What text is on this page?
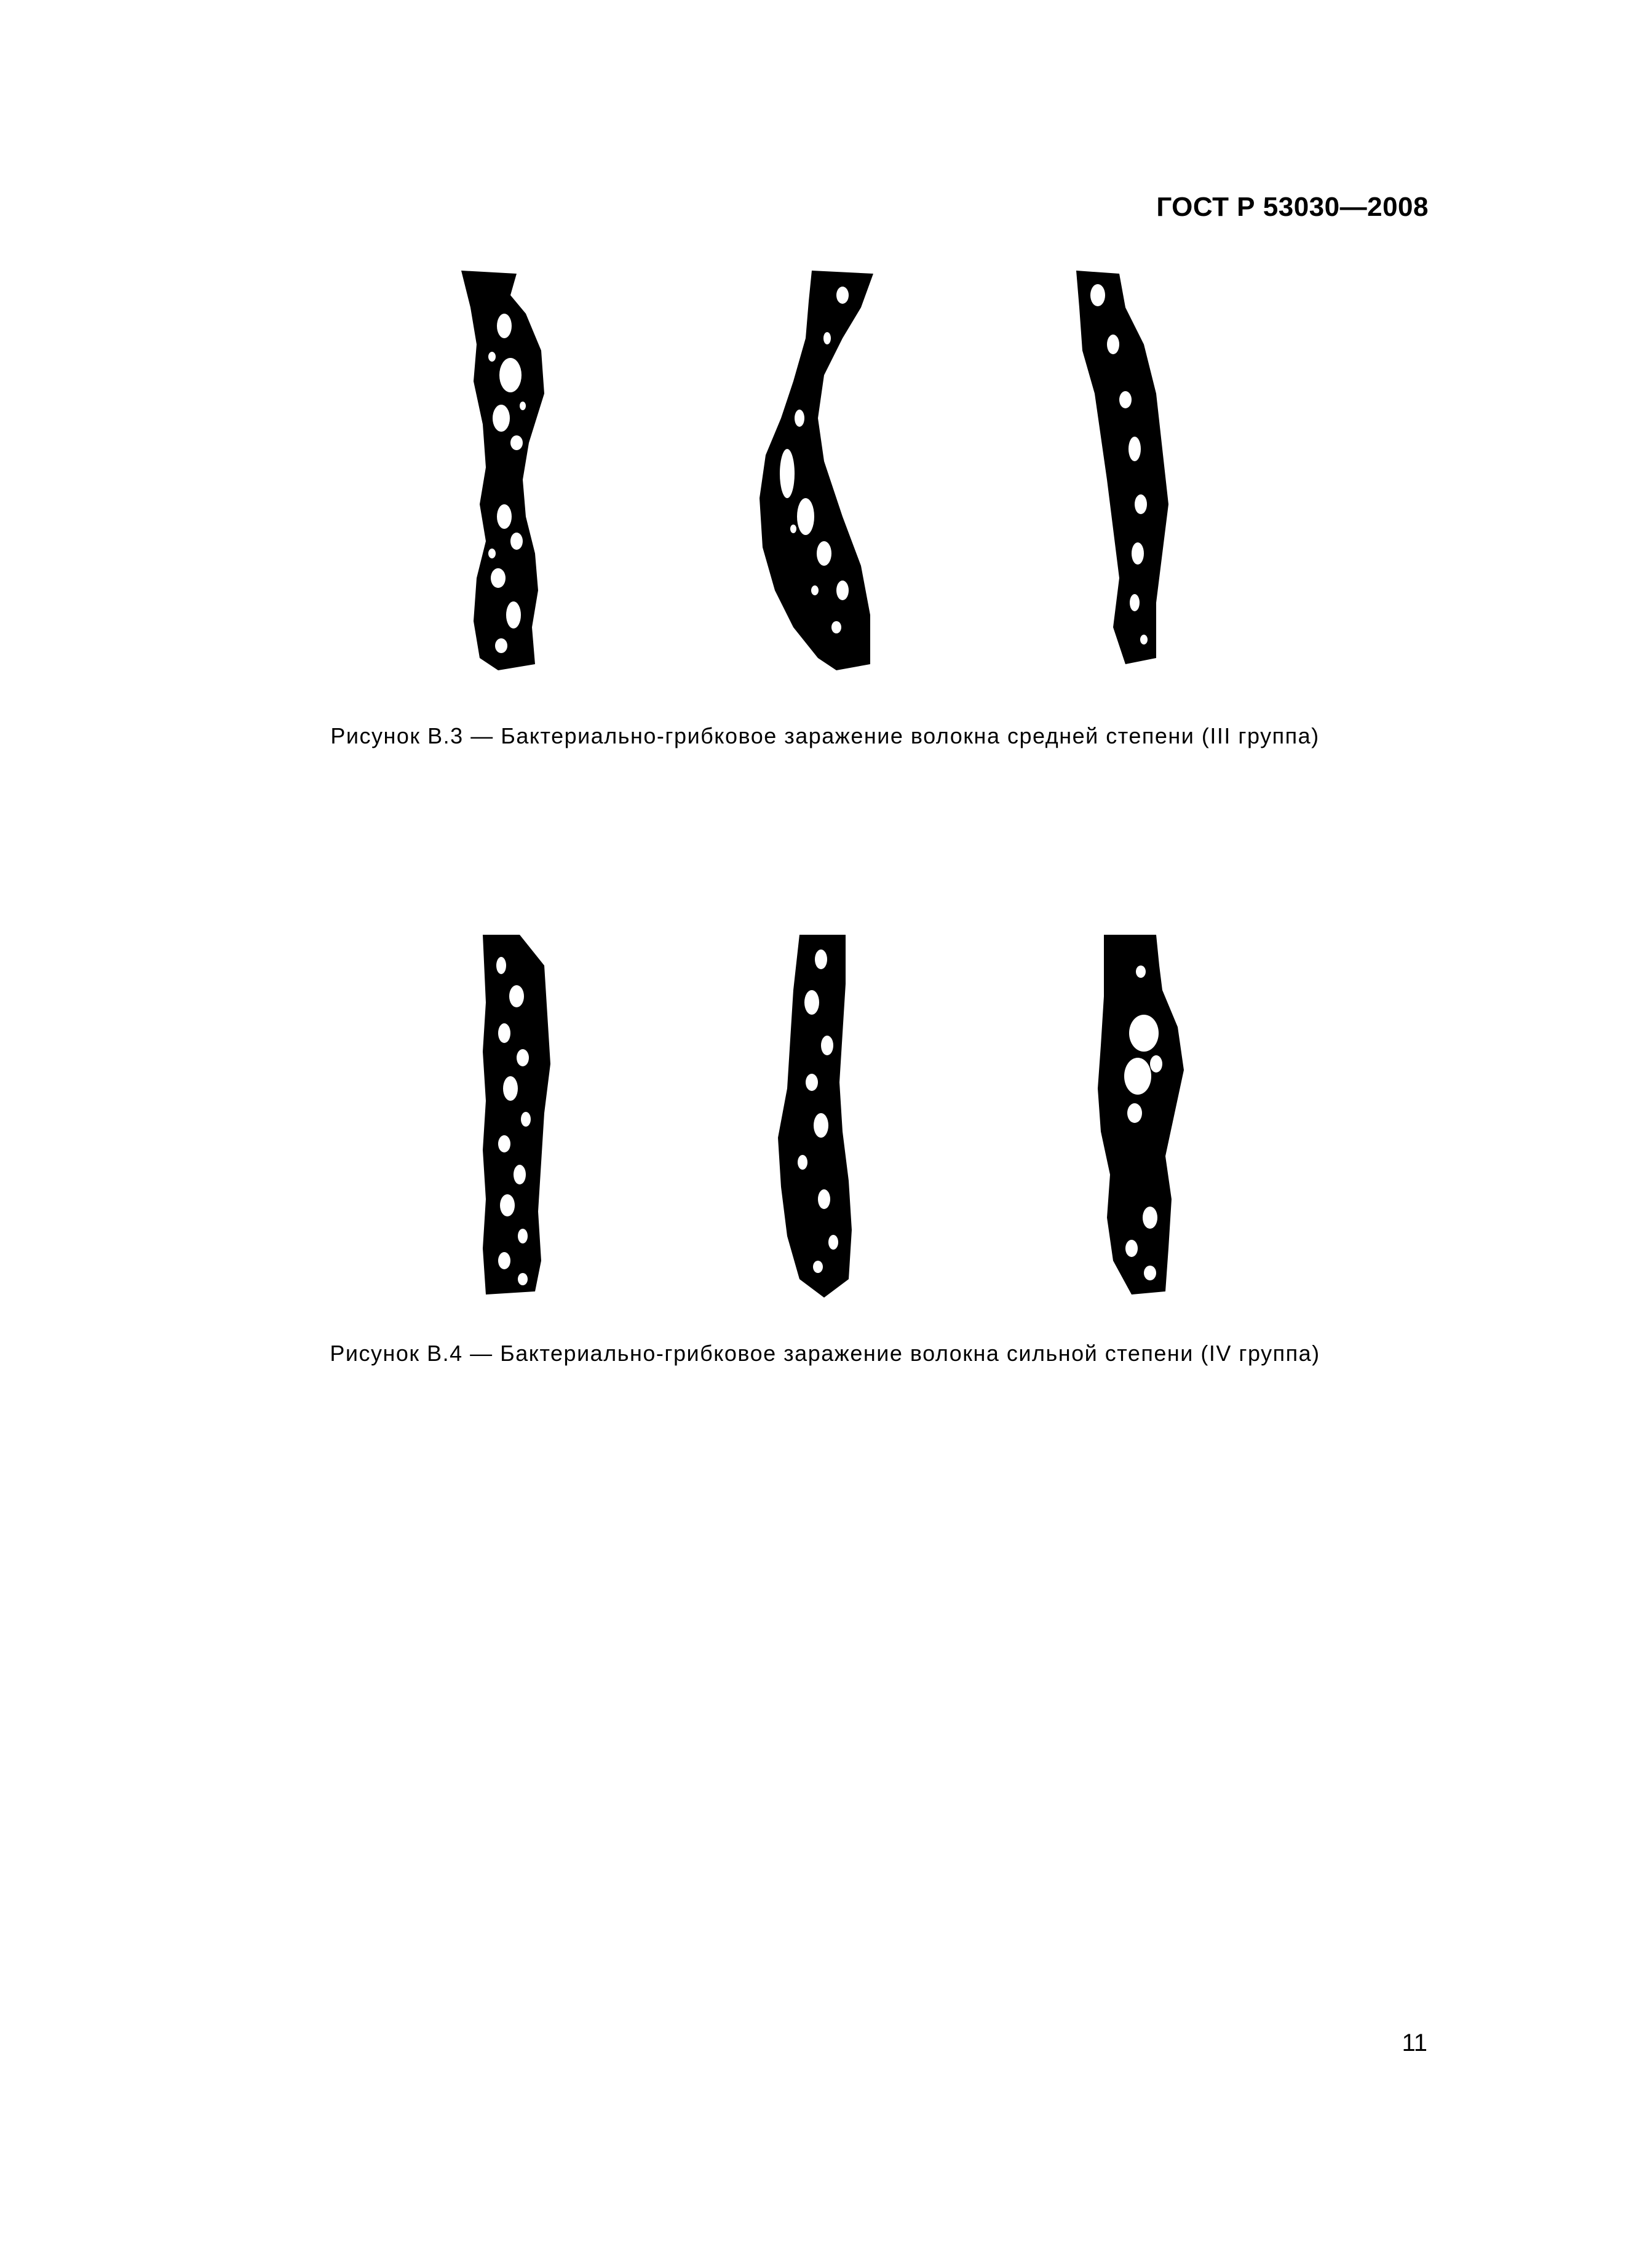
ГОСТ Р 53030—2008
Рисунок В.3 — Бактериально-грибковое заражение волокна средней степени (III группа)
Рисунок В.4 — Бактериально-грибковое заражение волокна сильной степени (IV группа)
11
